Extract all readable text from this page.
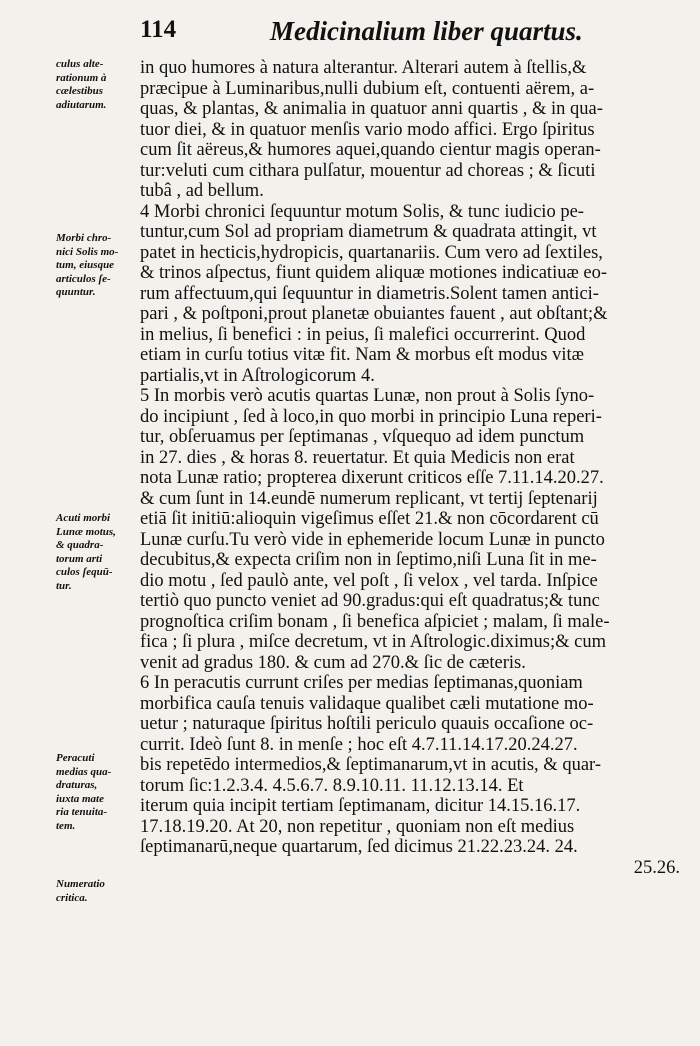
114	Medicinalium liber quartus.
culus alte-
rationum à
cælestibus
adiutarum.
Morbi chro-
nici Solis mo-
tum, eiusque
articulos ſe-
quuntur.
Acuti morbi
Lunæ motus,
& quadra-
torum arti
culos ſequū-
tur.
Peracuti
medias qua-
draturas,
iuxta mate
ria tenuita-
tem.
Numeratio
critica.
in quo humores à natura alterantur. Alterari autem à ſtellis,&
præcipue à Luminaribus,nulli dubium eſt, contuenti aërem, a-
quas, & plantas, & animalia in quatuor anni quartis , & in qua-
tuor diei, & in quatuor menſis vario modo affici. Ergo ſpiritus
cum ſit aëreus,& humores aquei,quando cientur magis operan-
tur:veluti cum cithara pulſatur, mouentur ad choreas ; & ſicuti
tubâ , ad bellum.
4 Morbi chronici ſequuntur motum Solis, & tunc iudicio pe-
tuntur,cum Sol ad propriam diametrum & quadrata attingit, vt
patet in hecticis,hydropicis, quartanariis. Cum vero ad ſextiles,
& trinos aſpectus, fiunt quidem aliquæ motiones indicatiuæ eo-
rum affectuum,qui ſequuntur in diametris.Solent tamen antici-
pari , & poſtponi,prout planetæ obuiantes fauent , aut obſtant;&
in melius, ſi benefici : in peius, ſi malefici occurrerint. Quod
etiam in curſu totius vitæ fit. Nam & morbus eſt modus vitæ
partialis,vt in Aſtrologicorum 4.
5 In morbis verò acutis quartas Lunæ, non prout à Solis ſyno-
do incipiunt , ſed à loco,in quo morbi in principio Luna reperi-
tur, obſeruamus per ſeptimanas , vſquequo ad idem punctum
in 27. dies , & horas 8. reuertatur. Et quia Medicis non erat
nota Lunæ ratio; propterea dixerunt criticos eſſe 7.11.14.20.27.
& cum ſunt in 14.eundē numerum replicant, vt tertij ſeptenarij
etiā ſit initiū:alioquin vigeſimus eſſet 21.& non cōcordarent cū
Lunæ curſu.Tu verò vide in ephemeride locum Lunæ in puncto
decubitus,& expecta criſim non in ſeptimo,niſi Luna ſit in me-
dio motu , ſed paulò ante, vel poſt , ſi velox , vel tarda. Inſpice
tertiò quo puncto veniet ad 90.gradus:qui eſt quadratus;& tunc
prognoſtica criſim bonam , ſi benefica aſpiciet ; malam, ſi male-
fica ; ſi plura , miſce decretum, vt in Aſtrologic.diximus;& cum
venit ad gradus 180. & cum ad 270.& ſic de cæteris.
6 In peracutis currunt criſes per medias ſeptimanas,quoniam
morbifica cauſa tenuis validaque qualibet cæli mutatione mo-
uetur ; naturaque ſpiritus hoſtili periculo quauis occaſione oc-
currit. Ideò ſunt 8. in menſe ; hoc eſt 4.7.11.14.17.20.24.27.
bis repetēdo intermedios,& ſeptimanarum,vt in acutis, & quar-
torum ſic:1.2.3.4. 4.5.6.7. 8.9.10.11. 11.12.13.14. Et
iterum quia incipit tertiam ſeptimanam, dicitur 14.15.16.17.
17.18.19.20. At 20, non repetitur , quoniam non eſt medius
ſeptimanarū,neque quartarum, ſed dicimus 21.22.23.24. 24.
25.26.
